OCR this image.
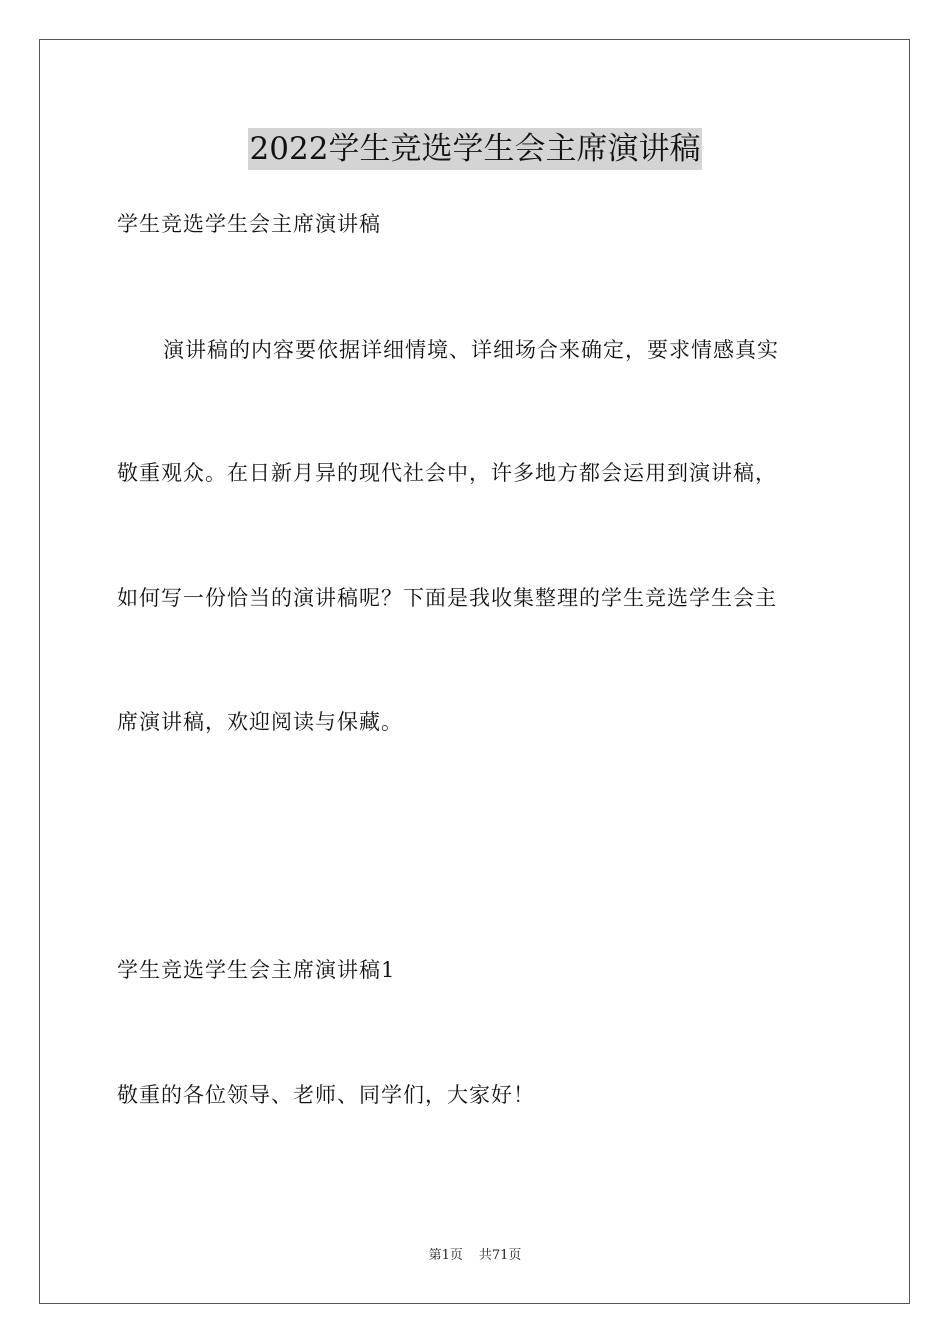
2022学生竞选学生会主席演讲稿
学生竞选学生会主席演讲稿
演讲稿的内容要依据详细情境、详细场合来确定，要求情感真实
敬重观众。在日新月异的现代社会中，许多地方都会运用到演讲稿，
如何写一份恰当的演讲稿呢？下面是我收集整理的学生竞选学生会主
席演讲稿，欢迎阅读与保藏。
学生竞选学生会主席演讲稿1
敬重的各位领导、老师、同学们，大家好！
第1页 共71页
